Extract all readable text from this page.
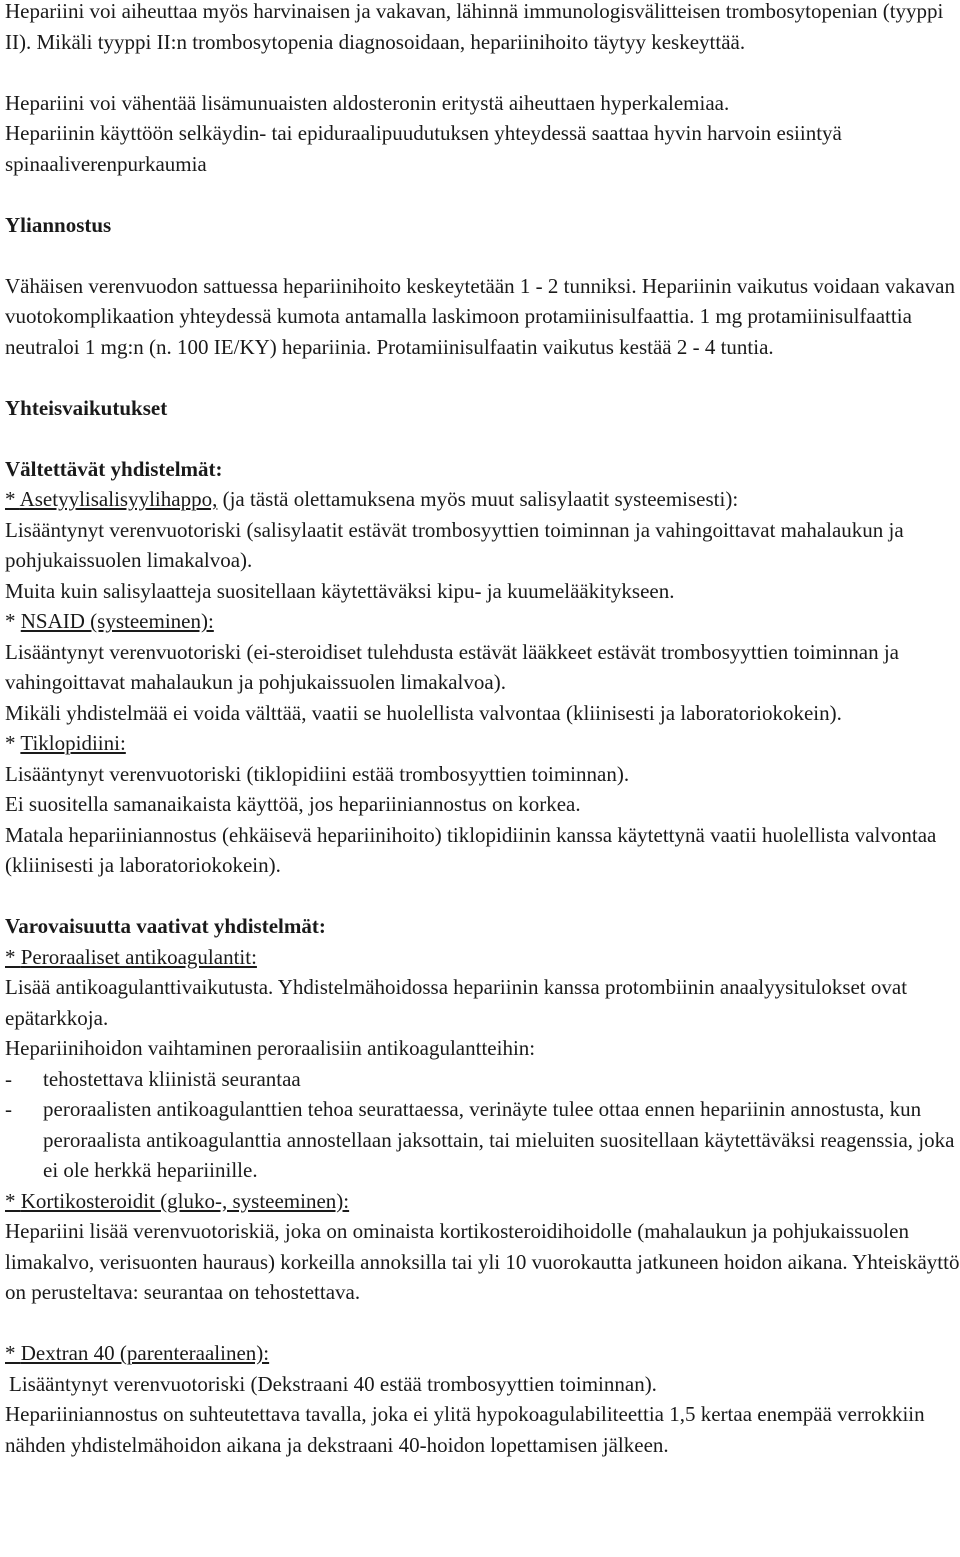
Hepariini voi aiheuttaa myös harvinaisen ja vakavan, lähinnä immunologisvälitteisen trombosytopenian (tyyppi II). Mikäli tyyppi II:n trombosytopenia diagnosoidaan, hepariinihoito täytyy keskeyttää.

Hepariini voi vähentää lisämunuaisten aldosteronin eritystä aiheuttaen hyperkalemiaa.

Hepariinin käyttöön selkäydin- tai epiduraalipuudutuksen yhteydessä saattaa hyvin harvoin esiintyä spinaaliverenpurkaumia

Yliannostus

Vähäisen verenvuodon sattuessa hepariinihoito keskeytetään 1 - 2 tunniksi. Hepariinin vaikutus voidaan vakavan vuotokomplikaation yhteydessä kumota antamalla laskimoon protamiinisulfaattia. 1 mg protamiinisulfaattia neutraloi 1 mg:n (n. 100 IE/KY) hepariinia. Protamiinisulfaatin vaikutus kestää 2 - 4 tuntia.

Yhteisvaikutukset

Vältettävät yhdistelmät:

* Asetyylisalisyylihappo, (ja tästä olettamuksena myös muut salisylaatit systeemisesti):

Lisääntynyt verenvuotoriski (salisylaatit estävät trombosyyttien toiminnan ja vahingoittavat mahalaukun ja pohjukaissuolen limakalvoa).

Muita kuin salisylaatteja suositellaan käytettäväksi kipu- ja kuumelääkitykseen.

* NSAID (systeeminen):

Lisääntynyt verenvuotoriski (ei-steroidiset tulehdusta estävät lääkkeet estävät trombosyyttien toiminnan ja vahingoittavat mahalaukun ja pohjukaissuolen limakalvoa).

Mikäli yhdistelmää ei voida välttää, vaatii se huolellista valvontaa (kliinisesti ja laboratoriokokein).

* Tiklopidiini:

Lisääntynyt verenvuotoriski (tiklopidiini estää trombosyyttien toiminnan).

Ei suositella samanaikaista käyttöä, jos hepariiniannostus on korkea.

Matala hepariiniannostus (ehkäisevä hepariinihoito) tiklopidiinin kanssa käytettynä vaatii huolellista valvontaa (kliinisesti ja laboratoriokokein).

Varovaisuutta vaativat yhdistelmät:

* Peroraaliset antikoagulantit:

Lisää antikoagulanttivaikutusta. Yhdistelmähoidossa hepariinin kanssa protombiinin anaalyysitulokset ovat epätarkkoja.

Hepariinihoidon vaihtaminen peroraalisiin antikoagulantteihin:

- tehostettava kliinistä seurantaa

- peroraalisten antikoagulanttien tehoa seurattaessa, verinäyte tulee ottaa ennen hepariinin annostusta, kun peroraalista antikoagulanttia annostellaan jaksottain, tai mieluiten suositellaan käytettäväksi reagenssia, joka ei ole herkkä hepariinille.

* Kortikosteroidit (gluko-, systeeminen):

Hepariini lisää verenvuotoriskiä, joka on ominaista kortikosteroidihoidolle (mahalaukun ja pohjukaissuolen limakalvo, verisuonten hauraus) korkeilla annoksilla tai yli 10 vuorokautta jatkuneen hoidon aikana. Yhteiskäyttö on perusteltava: seurantaa on tehostettava.

* Dextran 40 (parenteraalinen):

Lisääntynyt verenvuotoriski (Dekstraani 40 estää trombosyyttien toiminnan).

Hepariiniannostus on suhteutettava tavalla, joka ei ylitä hypokoagulabiliteettia 1,5 kertaa enempää verrokkiin nähden yhdistelmähoidon aikana ja dekstraani 40-hoidon lopettamisen jälkeen.
